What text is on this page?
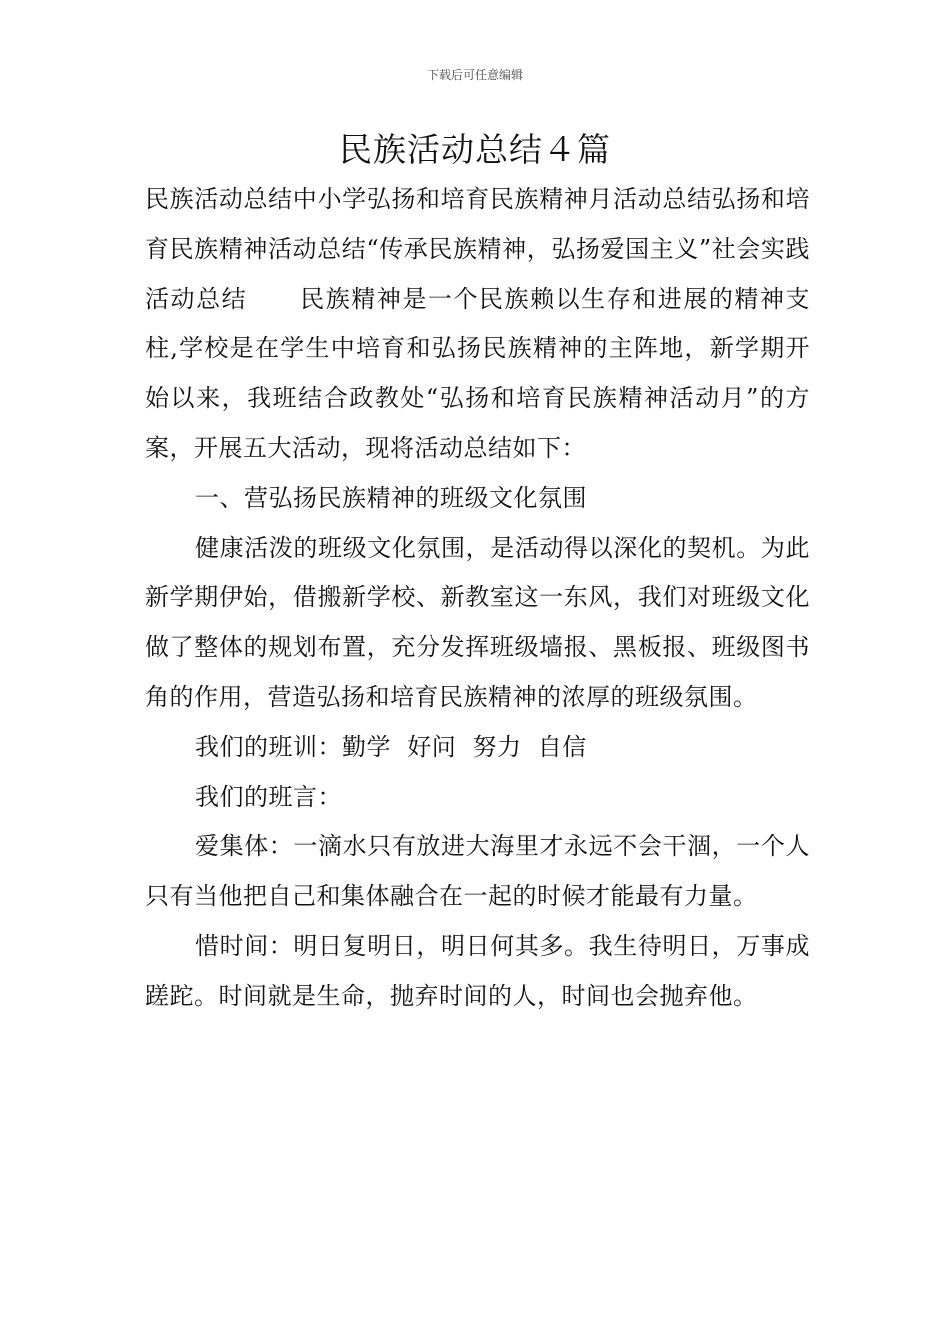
下载后可任意编辑
民族活动总结４篇

民族活动总结中小学弘扬和培育民族精神月活动总结弘扬和培育民族精神活动总结“传承民族精神，弘扬爱国主义”社会实践活动总结 民族精神是一个民族赖以生存和进展的精神支柱,学校是在学生中培育和弘扬民族精神的主阵地，新学期开始以来，我班结合政教处“弘扬和培育民族精神活动月”的方案，开展五大活动，现将活动总结如下：

一、营弘扬民族精神的班级文化氛围

健康活泼的班级文化氛围，是活动得以深化的契机。为此新学期伊始，借搬新学校、新教室这一东风，我们对班级文化做了整体的规划布置，充分发挥班级墙报、黑板报、班级图书角的作用，营造弘扬和培育民族精神的浓厚的班级氛围。

我们的班训：勤学  好问  努力  自信

我们的班言：

爱集体：一滴水只有放进大海里才永远不会干涸，一个人只有当他把自己和集体融合在一起的时候才能最有力量。

惜时间：明日复明日，明日何其多。我生待明日，万事成蹉跎。时间就是生命，抛弃时间的人，时间也会抛弃他。
